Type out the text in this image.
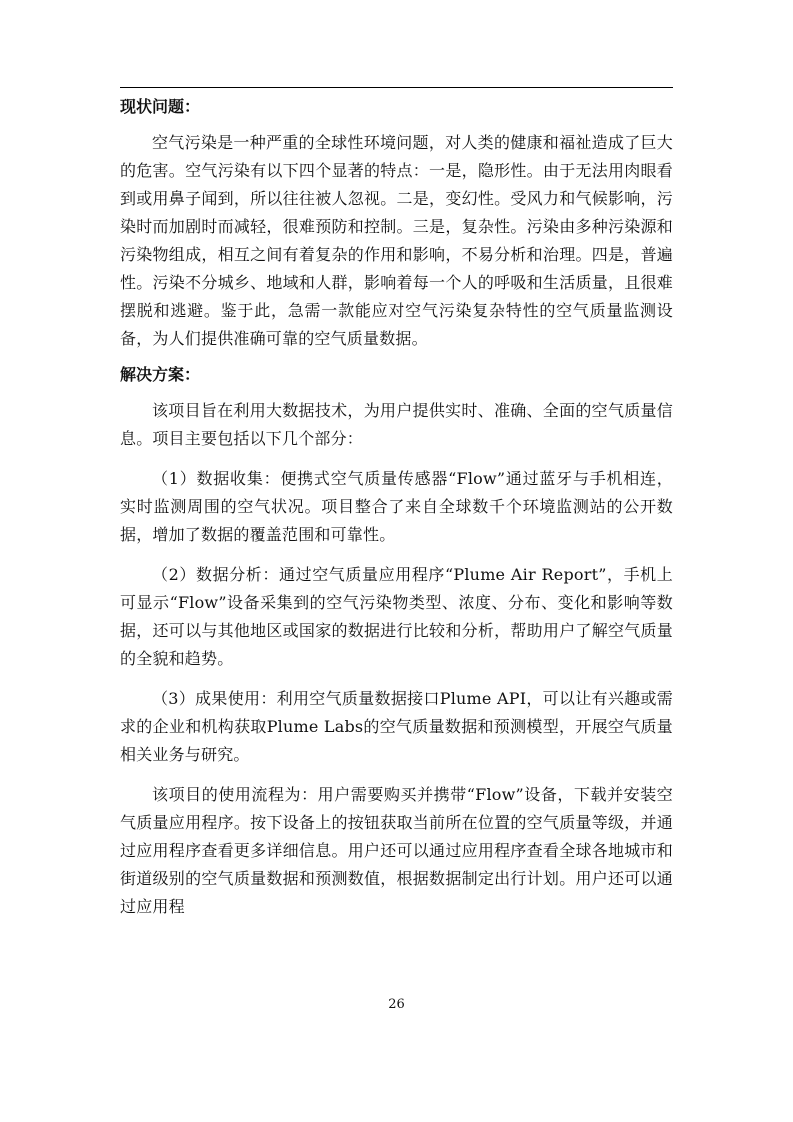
现状问题：

空气污染是一种严重的全球性环境问题，对人类的健康和福祉造成了巨大的危害。空气污染有以下四个显著的特点：一是，隐形性。由于无法用肉眼看到或用鼻子闻到，所以往往被人忽视。二是，变幻性。受风力和气候影响，污染时而加剧时而减轻，很难预防和控制。三是，复杂性。污染由多种污染源和污染物组成，相互之间有着复杂的作用和影响，不易分析和治理。四是，普遍性。污染不分城乡、地域和人群，影响着每一个人的呼吸和生活质量，且很难摆脱和逃避。鉴于此，急需一款能应对空气污染复杂特性的空气质量监测设备，为人们提供准确可靠的空气质量数据。

解决方案：

该项目旨在利用大数据技术，为用户提供实时、准确、全面的空气质量信息。项目主要包括以下几个部分：

（1）数据收集：便携式空气质量传感器“Flow”通过蓝牙与手机相连，实时监测周围的空气状况。项目整合了来自全球数千个环境监测站的公开数据，增加了数据的覆盖范围和可靠性。

（2）数据分析：通过空气质量应用程序“Plume Air Report”，手机上可显示“Flow”设备采集到的空气污染物类型、浓度、分布、变化和影响等数据，还可以与其他地区或国家的数据进行比较和分析，帮助用户了解空气质量的全貌和趋势。

（3）成果使用：利用空气质量数据接口Plume API，可以让有兴趣或需求的企业和机构获取Plume Labs的空气质量数据和预测模型，开展空气质量相关业务与研究。

该项目的使用流程为：用户需要购买并携带“Flow”设备，下载并安装空气质量应用程序。按下设备上的按钮获取当前所在位置的空气质量等级，并通过应用程序查看更多详细信息。用户还可以通过应用程序查看全球各地城市和街道级别的空气质量数据和预测数值，根据数据制定出行计划。用户还可以通过应用程

26
